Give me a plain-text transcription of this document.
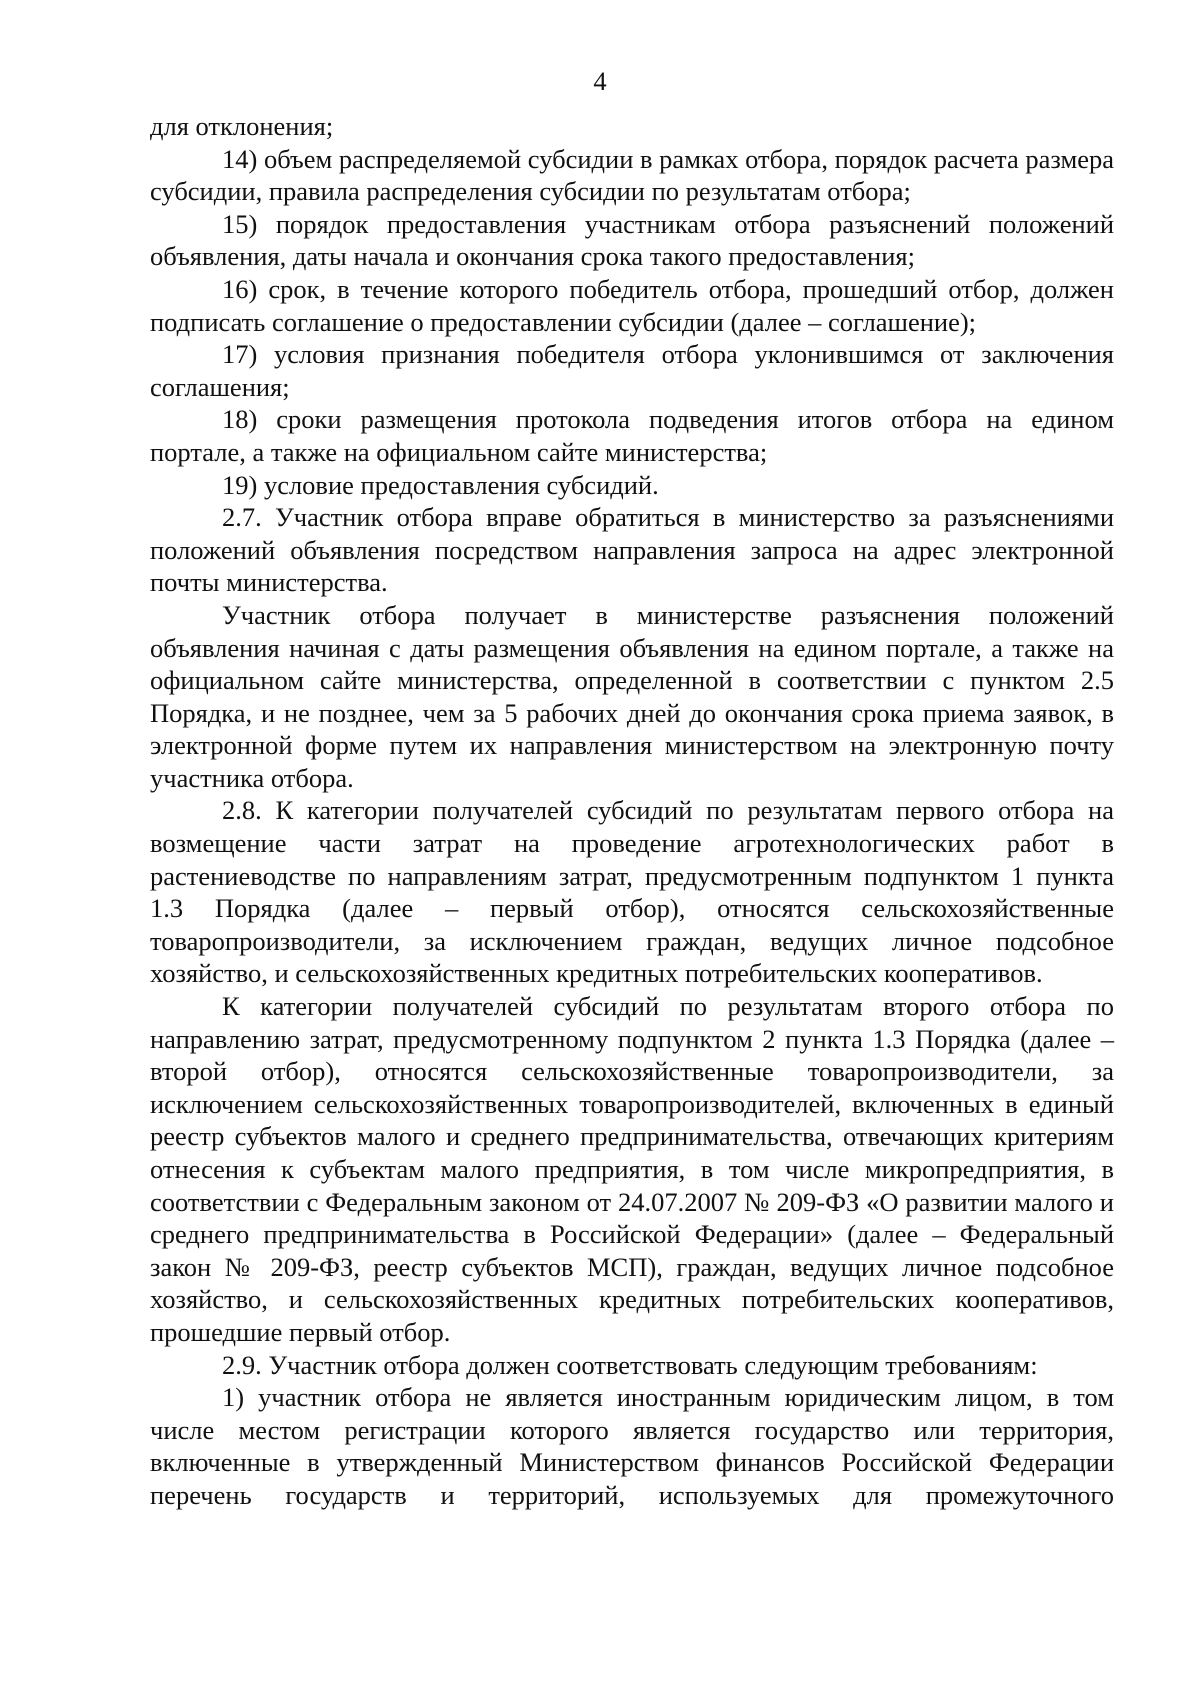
4

для отклонения;

14) объем распределяемой субсидии в рамках отбора, порядок расчета размера субсидии, правила распределения субсидии по результатам отбора;

15) порядок предоставления участникам отбора разъяснений положений объявления, даты начала и окончания срока такого предоставления;

16) срок, в течение которого победитель отбора, прошедший отбор, должен подписать соглашение о предоставлении субсидии (далее – соглашение);

17) условия признания победителя отбора уклонившимся от заключения соглашения;

18) сроки размещения протокола подведения итогов отбора на едином портале, а также на официальном сайте министерства;

19) условие предоставления субсидий.

2.7. Участник отбора вправе обратиться в министерство за разъяснениями положений объявления посредством направления запроса на адрес электронной почты министерства.

Участник отбора получает в министерстве разъяснения положений объявления начиная с даты размещения объявления на едином портале, а также на официальном сайте министерства, определенной в соответствии с пунктом 2.5 Порядка, и не позднее, чем за 5 рабочих дней до окончания срока приема заявок, в электронной форме путем их направления министерством на электронную почту участника отбора.

2.8. К категории получателей субсидий по результатам первого отбора на возмещение части затрат на проведение агротехнологических работ в растениеводстве по направлениям затрат, предусмотренным подпунктом 1 пункта 1.3 Порядка (далее – первый отбор), относятся сельскохозяйственные товаропроизводители, за исключением граждан, ведущих личное подсобное хозяйство, и сельскохозяйственных кредитных потребительских кооперативов.

К категории получателей субсидий по результатам второго отбора по направлению затрат, предусмотренному подпунктом 2 пункта 1.3 Порядка (далее – второй отбор), относятся сельскохозяйственные товаропроизводители, за исключением сельскохозяйственных товаропроизводителей, включенных в единый реестр субъектов малого и среднего предпринимательства, отвечающих критериям отнесения к субъектам малого предприятия, в том числе микропредприятия, в соответствии с Федеральным законом от 24.07.2007 № 209-ФЗ «О развитии малого и среднего предпринимательства в Российской Федерации» (далее – Федеральный закон № 209-ФЗ, реестр субъектов МСП), граждан, ведущих личное подсобное хозяйство, и сельскохозяйственных кредитных потребительских кооперативов, прошедшие первый отбор.

2.9. Участник отбора должен соответствовать следующим требованиям:

1) участник отбора не является иностранным юридическим лицом, в том числе местом регистрации которого является государство или территория, включенные в утвержденный Министерством финансов Российской Федерации перечень государств и территорий, используемых для промежуточного
